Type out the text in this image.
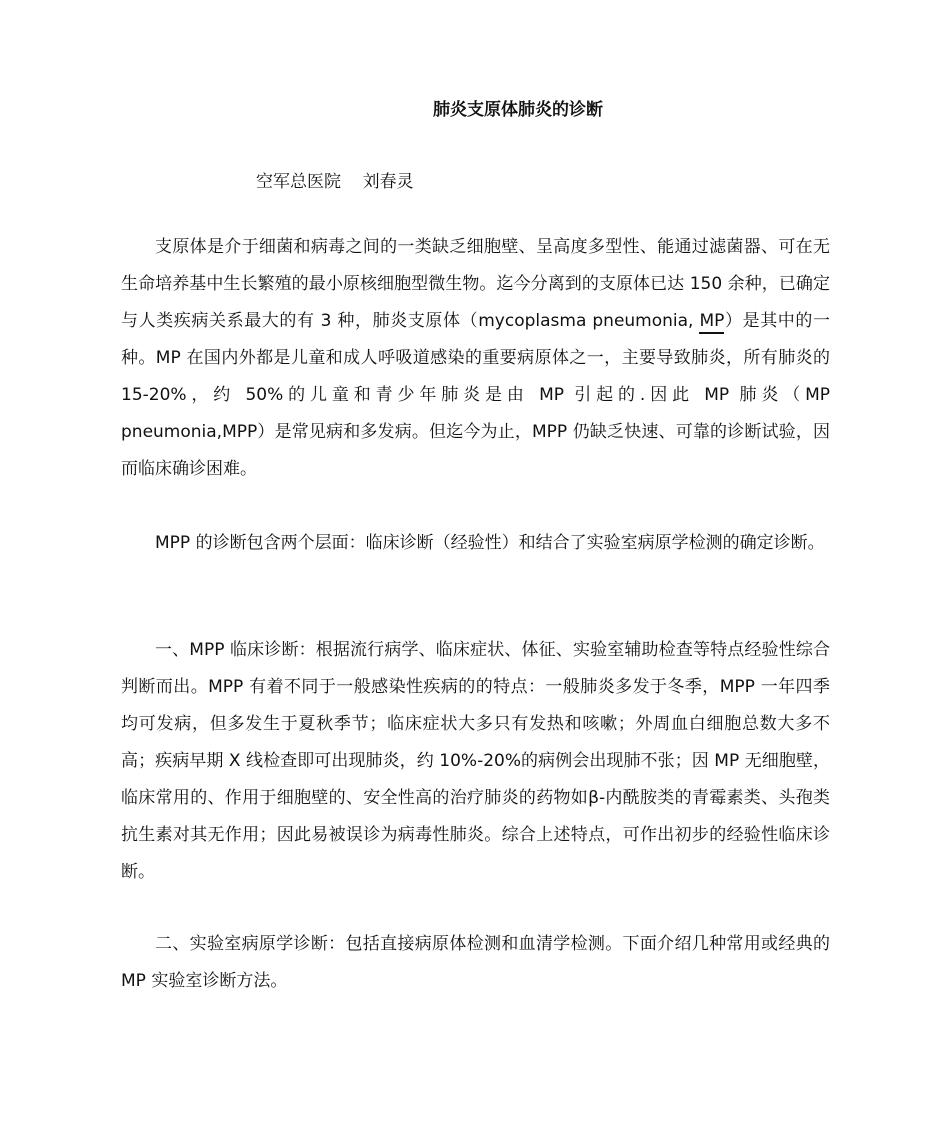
肺炎支原体肺炎的诊断
空军总医院    刘春灵

支原体是介于细菌和病毒之间的一类缺乏细胞壁、呈高度多型性、能通过滤菌器、可在无生命培养基中生长繁殖的最小原核细胞型微生物。迄今分离到的支原体已达 150 余种，已确定与人类疾病关系最大的有 3 种，肺炎支原体（mycoplasma pneumonia, MP）是其中的一种。MP 在国内外都是儿童和成人呼吸道感染的重要病原体之一，主要导致肺炎，所有肺炎的 15-20%，约 50%的儿童和青少年肺炎是由 MP 引起的.因此 MP 肺炎（MP pneumonia,MPP）是常见病和多发病。但迄今为止，MPP 仍缺乏快速、可靠的诊断试验，因而临床确诊困难。

MPP 的诊断包含两个层面：临床诊断（经验性）和结合了实验室病原学检测的确定诊断。

一、MPP 临床诊断：根据流行病学、临床症状、体征、实验室辅助检查等特点经验性综合判断而出。MPP 有着不同于一般感染性疾病的的特点：一般肺炎多发于冬季，MPP 一年四季均可发病，但多发生于夏秋季节；临床症状大多只有发热和咳嗽；外周血白细胞总数大多不高；疾病早期 X 线检查即可出现肺炎，约 10%-20%的病例会出现肺不张；因 MP 无细胞壁，临床常用的、作用于细胞壁的、安全性高的治疗肺炎的药物如β-内酰胺类的青霉素类、头孢类抗生素对其无作用；因此易被误诊为病毒性肺炎。综合上述特点，可作出初步的经验性临床诊断。

二、实验室病原学诊断：包括直接病原体检测和血清学检测。下面介绍几种常用或经典的 MP 实验室诊断方法。
